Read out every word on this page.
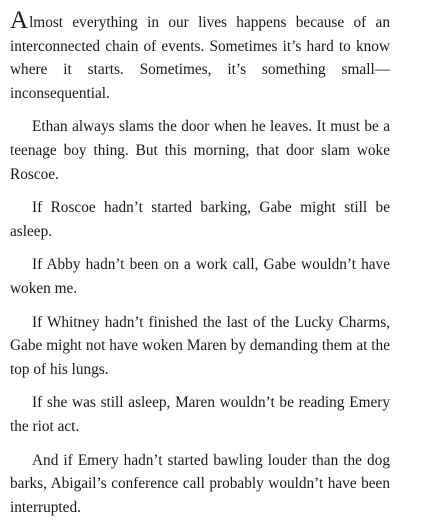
Almost everything in our lives happens because of an interconnected chain of events. Sometimes it’s hard to know where it starts. Sometimes, it’s something small—inconsequential.

Ethan always slams the door when he leaves. It must be a teenage boy thing. But this morning, that door slam woke Roscoe.

If Roscoe hadn’t started barking, Gabe might still be asleep.

If Abby hadn’t been on a work call, Gabe wouldn’t have woken me.

If Whitney hadn’t finished the last of the Lucky Charms, Gabe might not have woken Maren by demanding them at the top of his lungs.

If she was still asleep, Maren wouldn’t be reading Emery the riot act.

And if Emery hadn’t started bawling louder than the dog barks, Abigail’s conference call probably wouldn’t have been interrupted.
